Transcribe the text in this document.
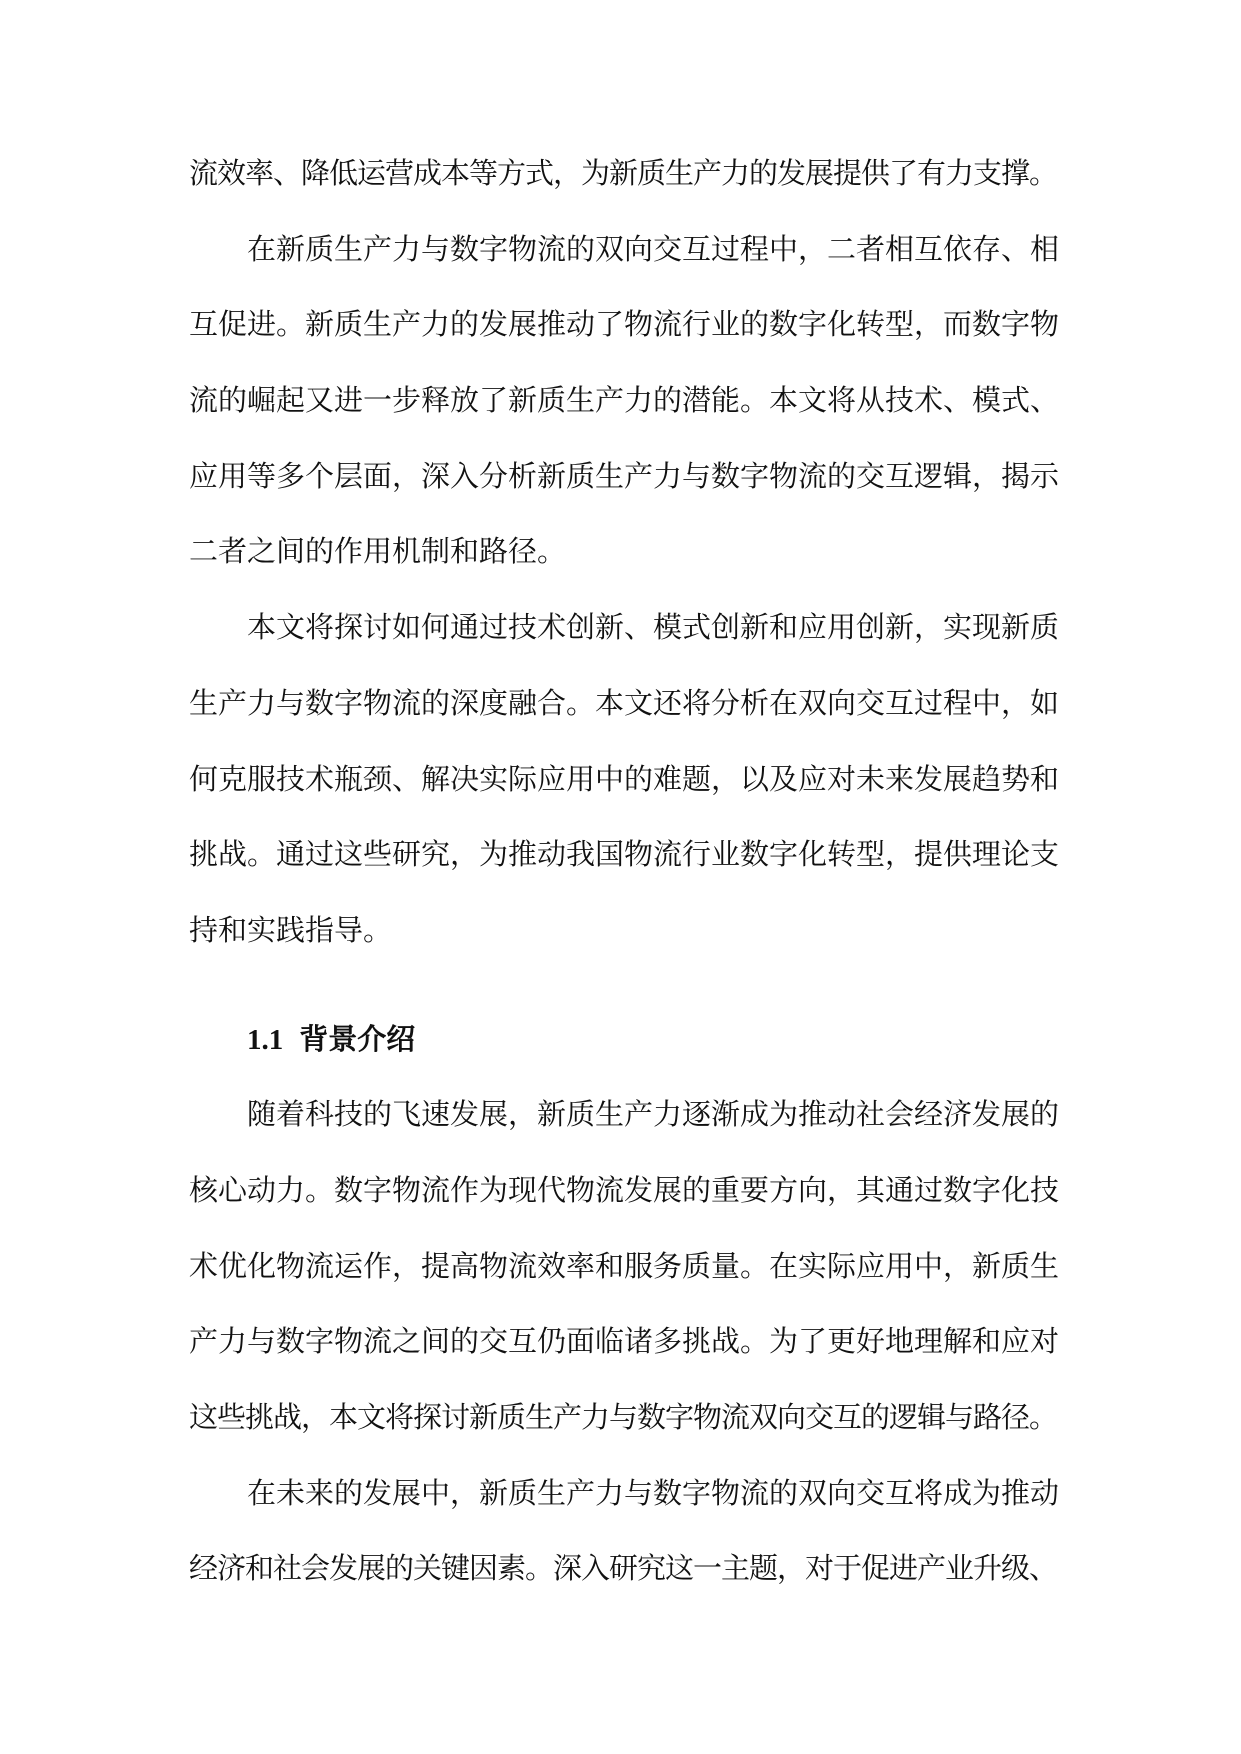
流效率、降低运营成本等方式，为新质生产力的发展提供了有力支撑。

在新质生产力与数字物流的双向交互过程中，二者相互依存、相
互促进。新质生产力的发展推动了物流行业的数字化转型，而数字物
流的崛起又进一步释放了新质生产力的潜能。本文将从技术、模式、
应用等多个层面，深入分析新质生产力与数字物流的交互逻辑，揭示
二者之间的作用机制和路径。

本文将探讨如何通过技术创新、模式创新和应用创新，实现新质
生产力与数字物流的深度融合。本文还将分析在双向交互过程中，如
何克服技术瓶颈、解决实际应用中的难题，以及应对未来发展趋势和
挑战。通过这些研究，为推动我国物流行业数字化转型，提供理论支
持和实践指导。

1.1 背景介绍

随着科技的飞速发展，新质生产力逐渐成为推动社会经济发展的
核心动力。数字物流作为现代物流发展的重要方向，其通过数字化技
术优化物流运作，提高物流效率和服务质量。在实际应用中，新质生
产力与数字物流之间的交互仍面临诸多挑战。为了更好地理解和应对
这些挑战，本文将探讨新质生产力与数字物流双向交互的逻辑与路径。

在未来的发展中，新质生产力与数字物流的双向交互将成为推动
经济和社会发展的关键因素。深入研究这一主题，对于促进产业升级、
